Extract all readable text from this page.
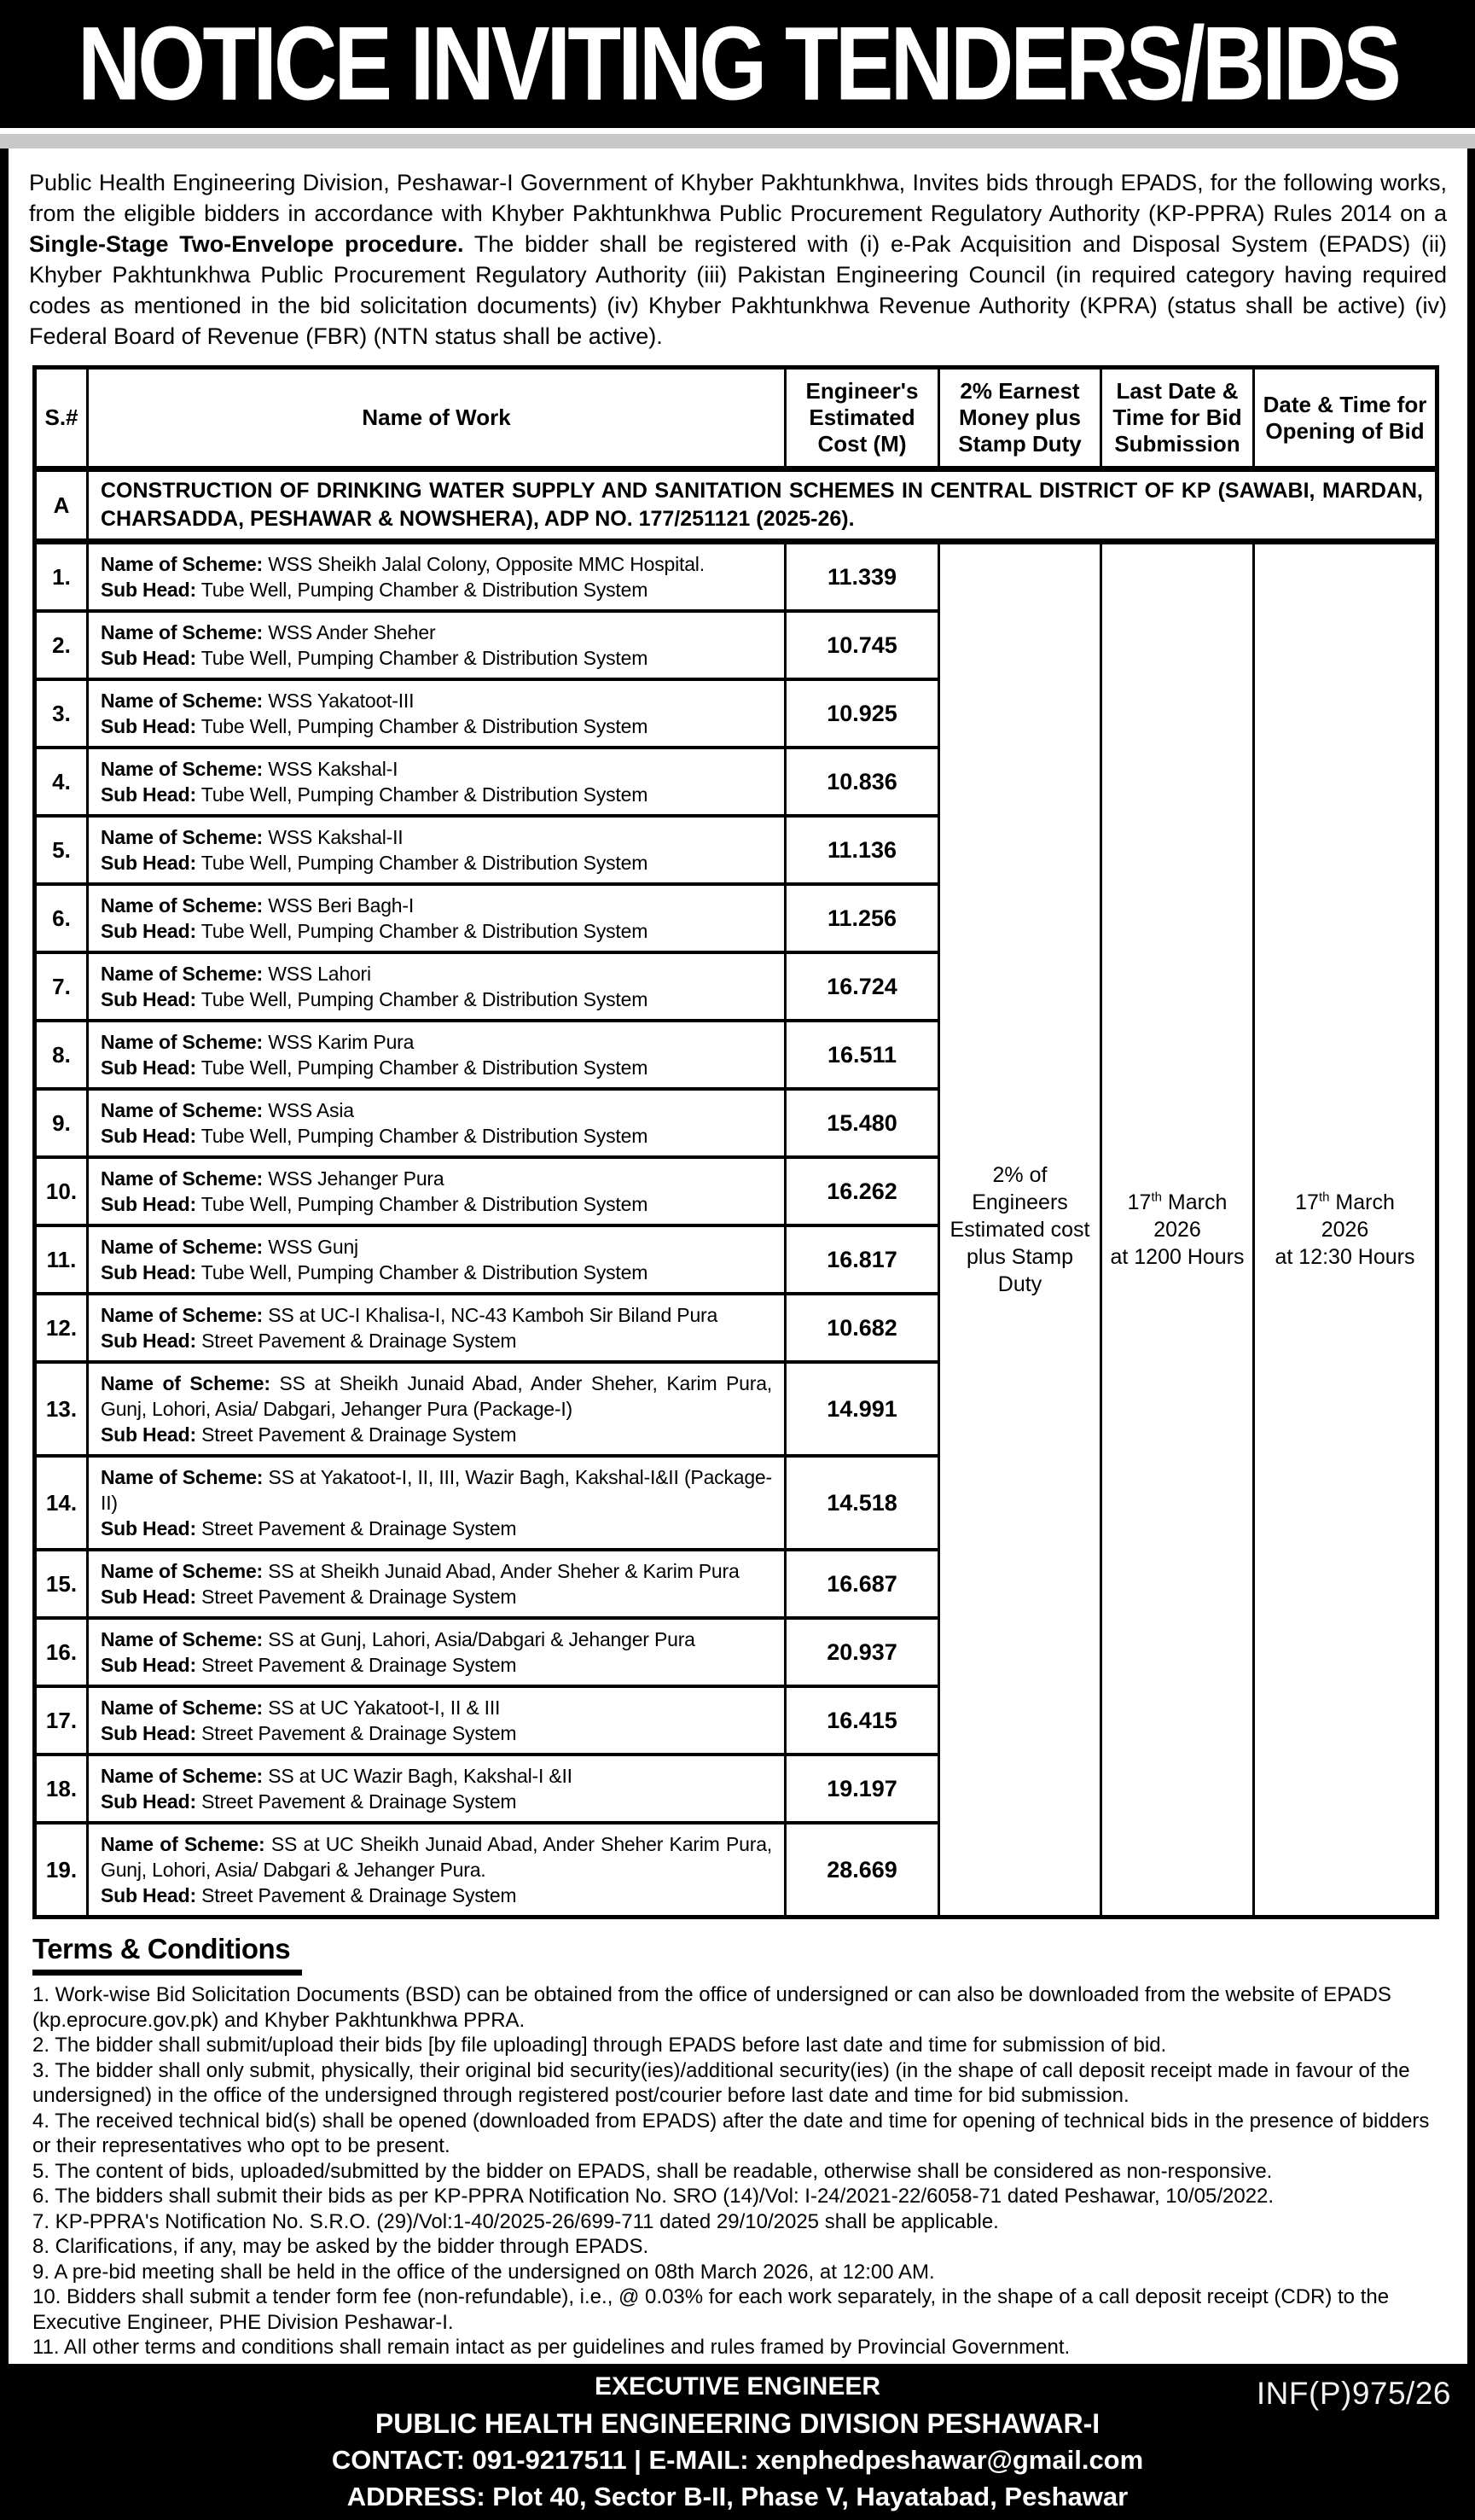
NOTICE INVITING TENDERS/BIDS

Public Health Engineering Division, Peshawar-I Government of Khyber Pakhtunkhwa, Invites bids through EPADS, for the following works, from the eligible bidders in accordance with Khyber Pakhtunkhwa Public Procurement Regulatory Authority (KP-PPRA) Rules 2014 on a Single-Stage Two-Envelope procedure. The bidder shall be registered with (i) e-Pak Acquisition and Disposal System (EPADS) (ii) Khyber Pakhtunkhwa Public Procurement Regulatory Authority (iii) Pakistan Engineering Council (in required category having required codes as mentioned in the bid solicitation documents) (iv) Khyber Pakhtunkhwa Revenue Authority (KPRA) (status shall be active) (iv) Federal Board of Revenue (FBR) (NTN status shall be active).

S.#	Name of Work	Engineer's Estimated Cost (M)	2% Earnest Money plus Stamp Duty	Last Date & Time for Bid Submission	Date & Time for Opening of Bid
A	CONSTRUCTION OF DRINKING WATER SUPPLY AND SANITATION SCHEMES IN CENTRAL DISTRICT OF KP (SAWABI, MARDAN, CHARSADDA, PESHAWAR & NOWSHERA), ADP NO. 177/251121 (2025-26).				
1.	Name of Scheme: WSS Sheikh Jalal Colony, Opposite MMC Hospital.
Sub Head: Tube Well, Pumping Chamber & Distribution System
	11.339	2% of Engineers Estimated cost plus Stamp Duty	17th March
2026
at 1200 Hours	17th March
2026
at 12:30 Hours
2.	Name of Scheme: WSS Ander Sheher
Sub Head: Tube Well, Pumping Chamber & Distribution System	10.745			
3.	Name of Scheme: WSS Yakatoot-III
Sub Head: Tube Well, Pumping Chamber & Distribution System	10.925			
4.	Name of Scheme: WSS Kakshal-I
Sub Head: Tube Well, Pumping Chamber & Distribution System	10.836			
5.	Name of Scheme: WSS Kakshal-II
Sub Head: Tube Well, Pumping Chamber & Distribution System	11.136			
6.	Name of Scheme: WSS Beri Bagh-I
Sub Head: Tube Well, Pumping Chamber & Distribution System	11.256			
7.	Name of Scheme: WSS Lahori
Sub Head: Tube Well, Pumping Chamber & Distribution System	16.724			
8.	Name of Scheme: WSS Karim Pura
Sub Head: Tube Well, Pumping Chamber & Distribution System	16.511			
9.	Name of Scheme: WSS Asia
Sub Head: Tube Well, Pumping Chamber & Distribution System	15.480			
10.	Name of Scheme: WSS Jehanger Pura
Sub Head: Tube Well, Pumping Chamber & Distribution System	16.262			
11.	Name of Scheme: WSS Gunj
Sub Head: Tube Well, Pumping Chamber & Distribution System	16.817			
12.	Name of Scheme: SS at UC-I Khalisa-I, NC-43 Kamboh Sir Biland Pura
Sub Head: Street Pavement & Drainage System	10.682			
13.	Name of Scheme: SS at Sheikh Junaid Abad, Ander Sheher, Karim Pura, Gunj, Lohori, Asia/ Dabgari, Jehanger Pura (Package-I)
Sub Head: Street Pavement & Drainage System	14.991			
14.	Name of Scheme: SS at Yakatoot-I, II, III, Wazir Bagh, Kakshal-I&II (Package-II)
Sub Head: Street Pavement & Drainage System	14.518			
15.	Name of Scheme: SS at Sheikh Junaid Abad, Ander Sheher & Karim Pura
Sub Head: Street Pavement & Drainage System	16.687			
16.	Name of Scheme: SS at Gunj, Lahori, Asia/Dabgari & Jehanger Pura
Sub Head: Street Pavement & Drainage System	20.937			
17.	Name of Scheme: SS at UC Yakatoot-I, II & III
Sub Head: Street Pavement & Drainage System	16.415			
18.	Name of Scheme: SS at UC Wazir Bagh, Kakshal-I &II
Sub Head: Street Pavement & Drainage System	19.197			
19.	Name of Scheme: SS at UC Sheikh Junaid Abad, Ander Sheher Karim Pura, Gunj, Lohori, Asia/ Dabgari & Jehanger Pura.
Sub Head: Street Pavement & Drainage System	28.669			
Terms & Conditions
1. Work-wise Bid Solicitation Documents (BSD) can be obtained from the office of undersigned or can also be downloaded from the website of EPADS (kp.eprocure.gov.pk) and Khyber Pakhtunkhwa PPRA.
2. The bidder shall submit/upload their bids [by file uploading] through EPADS before last date and time for submission of bid.
3. The bidder shall only submit, physically, their original bid security(ies)/additional security(ies) (in the shape of call deposit receipt made in favour of the undersigned) in the office of the undersigned through registered post/courier before last date and time for bid submission.
4. The received technical bid(s) shall be opened (downloaded from EPADS) after the date and time for opening of technical bids in the presence of bidders or their representatives who opt to be present.
5. The content of bids, uploaded/submitted by the bidder on EPADS, shall be readable, otherwise shall be considered as non-responsive.
6. The bidders shall submit their bids as per KP-PPRA Notification No. SRO (14)/Vol: I-24/2021-22/6058-71 dated Peshawar, 10/05/2022.
7. KP-PPRA's Notification No. S.R.O. (29)/Vol:1-40/2025-26/699-711 dated 29/10/2025 shall be applicable.
8. Clarifications, if any, may be asked by the bidder through EPADS.
9. A pre-bid meeting shall be held in the office of the undersigned on 08th March 2026, at 12:00 AM.
10. Bidders shall submit a tender form fee (non-refundable), i.e., @ 0.03% for each work separately, in the shape of a call deposit receipt (CDR) to the Executive Engineer, PHE Division Peshawar-I.
11. All other terms and conditions shall remain intact as per guidelines and rules framed by Provincial Government.
EXECUTIVE ENGINEER
PUBLIC HEALTH ENGINEERING DIVISION PESHAWAR-I
CONTACT: 091-9217511 | E-MAIL: xenphedpeshawar@gmail.com
ADDRESS: Plot 40, Sector B-II, Phase V, Hayatabad, Peshawar
INF(P)975/26
